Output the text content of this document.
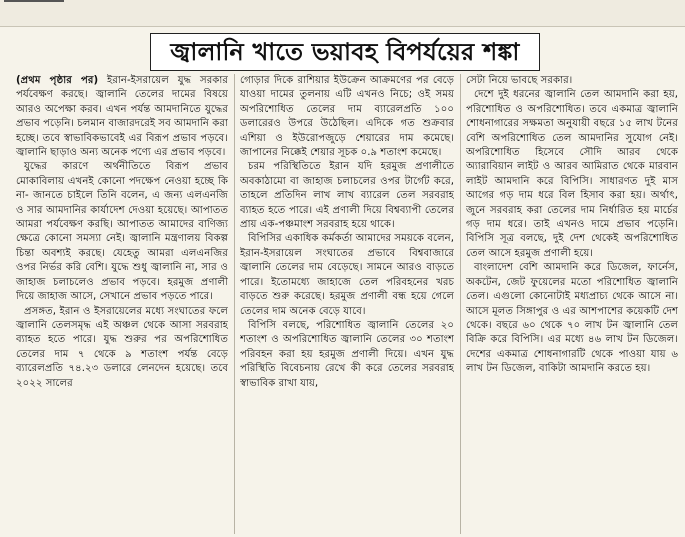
জ্বালানি খাতে ভয়াবহ বিপর্যয়ের শঙ্কা

(প্রথম পৃষ্ঠার পর) ইরান-ইসরায়েল যুদ্ধ সরকার পর্যবেক্ষণ করছে। জ্বালানি তেলের দামের বিষয়ে আরও অপেক্ষা করব। এখন পর্যন্ত আমদানিতে যুদ্ধের প্রভাব পড়েনি। চলমান বাজারদরেই সব আমদানি করা হচ্ছে। তবে স্বাভাবিকভাবেই এর বিরূপ প্রভাব পড়বে। জ্বালানি ছাড়াও অন্য অনেক পণ্যে এর প্রভাব পড়বে।

যুদ্ধের কারণে অর্থনীতিতে বিরূপ প্রভাব মোকাবিলায় এখনই কোনো পদক্ষেপ নেওয়া হচ্ছে কি না- জানতে চাইলে তিনি বলেন, এ জন্য এলএনজি ও সার আমদানির কার্যাদেশ দেওয়া হয়েছে। আপাতত আমরা পর্যবেক্ষণ করছি। আপাতত আমাদের বাণিজ্য ক্ষেত্রে কোনো সমস্যা নেই। জ্বালানি মন্ত্রণালয় বিকল্প চিন্তা অবশ্যই করছে। যেহেতু আমরা এলএনজির ওপর নির্ভর করি বেশি। যুদ্ধে শুধু জ্বালানি না, সার ও জাহাজ চলাচলেও প্রভাব পড়বে। হরমুজ প্রণালী দিয়ে জাহাজ আসে, সেখানে প্রভাব পড়তে পারে।

প্রসঙ্গত, ইরান ও ইসরায়েলের মধ্যে সংঘাতের ফলে জ্বালানি তেলসমৃদ্ধ এই অঞ্চল থেকে আসা সরবরাহ ব্যাহত হতে পারে। যুদ্ধ শুরুর পর অপরিশোধিত তেলের দাম ৭ থেকে ৯ শতাংশ পর্যন্ত বেড়ে ব্যারেলপ্রতি ৭৪.২৩ ডলারে লেনদেন হয়েছে। তবে ২০২২ সালের

গোড়ার দিকে রাশিয়ার ইউক্রেন আক্রমণের পর বেড়ে যাওয়া দামের তুলনায় এটি এখনও নিচে; ওই সময় অপরিশোধিত তেলের দাম ব্যারেলপ্রতি ১০০ ডলারেরও উপরে উঠেছিল। এদিকে গত শুক্রবার এশিয়া ও ইউরোপজুড়ে শেয়ারের দাম কমেছে। জাপানের নিক্কেই শেয়ার সূচক ০.৯ শতাংশ কমেছে।

চরম পরিস্থিতিতে ইরান যদি হরমুজ প্রণালীতে অবকাঠামো বা জাহাজ চলাচলের ওপর টার্গেট করে, তাহলে প্রতিদিন লাখ লাখ ব্যারেল তেল সরবরাহ ব্যাহত হতে পারে। এই প্রণালী দিয়ে বিশ্বব্যাপী তেলের প্রায় এক-পঞ্চমাংশ সরবরাহ হয়ে থাকে।

বিপিসির একাধিক কর্মকর্তা আমাদের সময়কে বলেন, ইরান-ইসরায়েল সংঘাতের প্রভাবে বিশ্ববাজারে জ্বালানি তেলের দাম বেড়েছে। সামনে আরও বাড়তে পারে। ইতোমধ্যে জাহাজে তেল পরিবহনের খরচ বাড়তে শুরু করেছে। হরমুজ প্রণালী বন্ধ হয়ে গেলে তেলের দাম অনেক বেড়ে যাবে।

বিপিসি বলছে, পরিশোধিত জ্বালানি তেলের ২০ শতাংশ ও অপরিশোধিত জ্বালানি তেলের ৩০ শতাংশ পরিবহন করা হয় হরমুজ প্রণালী দিয়ে। এখন যুদ্ধ পরিস্থিতি বিবেচনায় রেখে কী করে তেলের সরবরাহ স্বাভাবিক রাখা যায়,

সেটা নিয়ে ভাবছে সরকার।

দেশে দুই ধরনের জ্বালানি তেল আমদানি করা হয়, পরিশোধিত ও অপরিশোধিত। তবে একমাত্র জ্বালানি শোধনাগারের সক্ষমতা অনুযায়ী বছরে ১৫ লাখ টনের বেশি অপরিশোধিত তেল আমদানির সুযোগ নেই। অপরিশোধিত হিসেবে সৌদি আরব থেকে অ্যারাবিয়ান লাইট ও আরব আমিরাত থেকে মারবান লাইট আমদানি করে বিপিসি। সাধারণত দুই মাস আগের গড় দাম ধরে বিল হিসাব করা হয়। অর্থাৎ, জুনে সরবরাহ করা তেলের দাম নির্ধারিত হয় মার্চের গড় দাম ধরে। তাই এখনও দামে প্রভাব পড়েনি। বিপিসি সূত্র বলছে, দুই দেশ থেকেই অপরিশোধিত তেল আসে হরমুজ প্রণালী হয়ে।

বাংলাদেশ বেশি আমদানি করে ডিজেল, ফার্নেস, অকটেন, জেট ফুয়েলের মতো পরিশোধিত জ্বালানি তেল। এগুলো কোনোটাই মধ্যপ্রাচ্য থেকে আসে না। আসে মূলত সিঙ্গাপুর ও এর আশপাশের কয়েকটি দেশ থেকে। বছরে ৬০ থেকে ৭০ লাখ টন জ্বালানি তেল বিক্রি করে বিপিসি। এর মধ্যে ৪৬ লাখ টন ডিজেল। দেশের একমাত্র শোধনাগারটি থেকে পাওয়া যায় ৬ লাখ টন ডিজেল, বাকিটা আমদানি করতে হয়।
